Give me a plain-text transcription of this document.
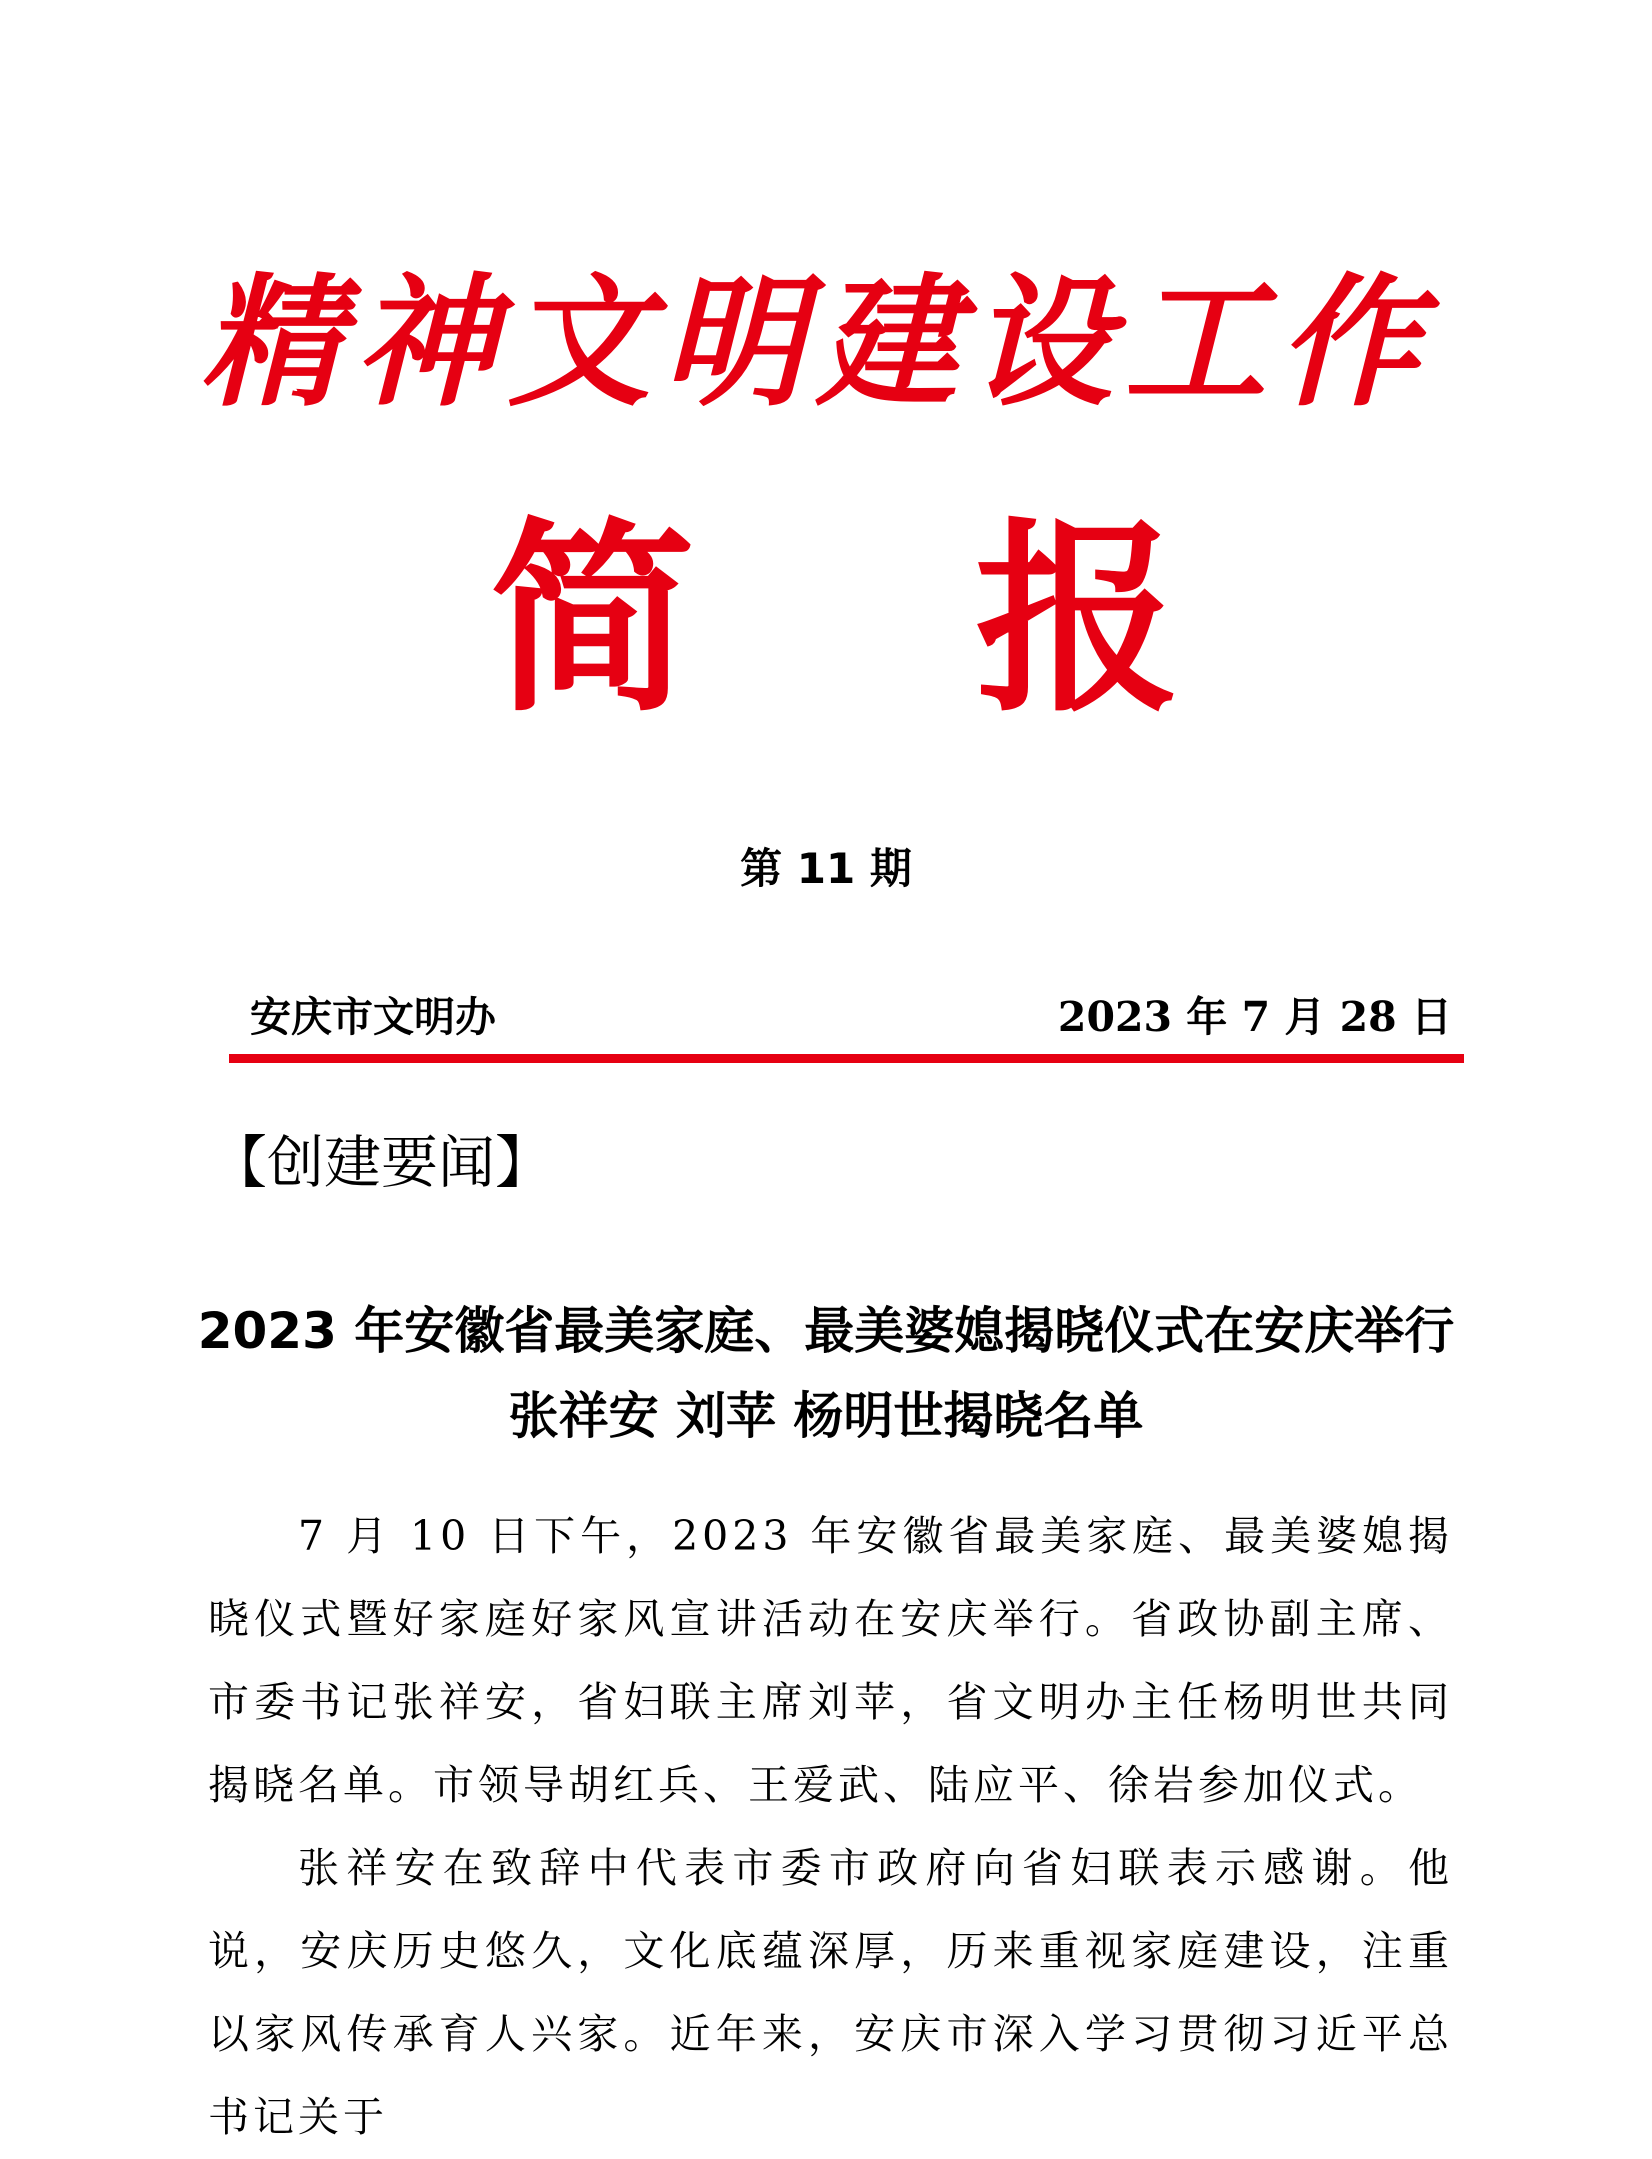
精 神 文 明 建 设 工 作
简 报
第 11 期
安庆市文明办	2023 年 7 月 28 日
【创建要闻】
2023 年安徽省最美家庭、最美婆媳揭晓仪式在安庆举行
张祥安 刘苹 杨明世揭晓名单

7 月 10 日下午，2023 年安徽省最美家庭、最美婆媳揭晓仪式暨好家庭好家风宣讲活动在安庆举行。省政协副主席、市委书记张祥安，省妇联主席刘苹，省文明办主任杨明世共同揭晓名单。市领导胡红兵、王爱武、陆应平、徐岩参加仪式。

张祥安在致辞中代表市委市政府向省妇联表示感谢。他说，安庆历史悠久，文化底蕴深厚，历来重视家庭建设，注重以家风传承育人兴家。近年来，安庆市深入学习贯彻习近平总书记关于
